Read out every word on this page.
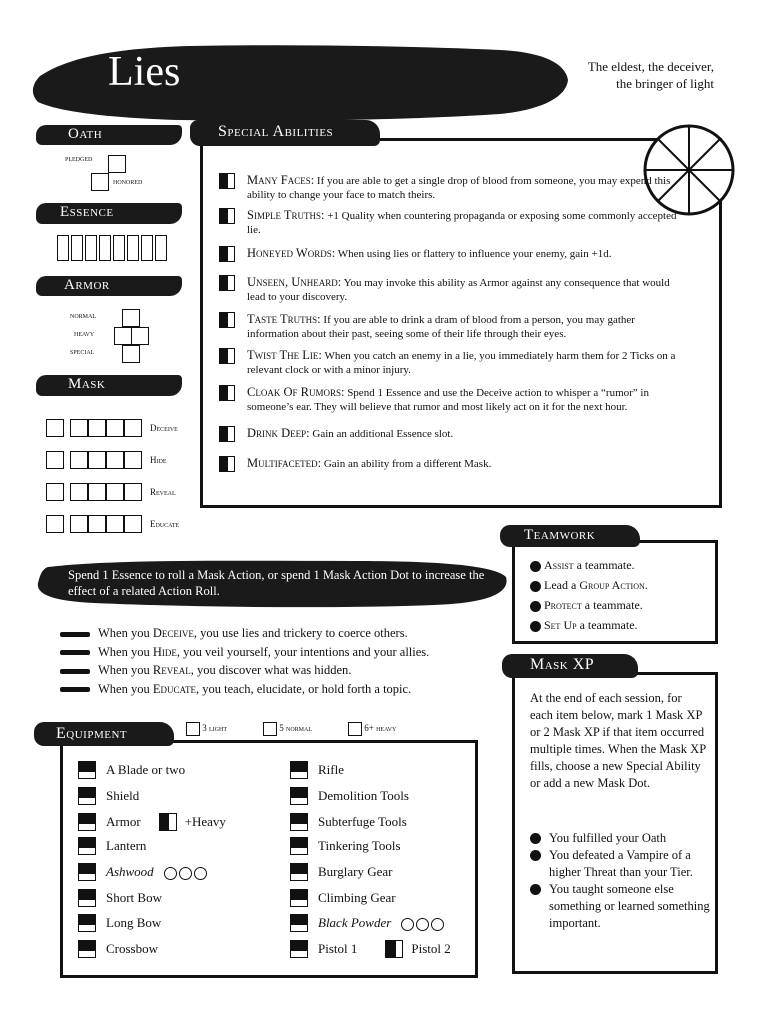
Lies	The eldest, the deceiver,
the bringer of light
Oath
pledged
honored
Essence
Armor
normal
heavy
special
Mask
Deceive
Hide
Reveal
Educate
Special Abilities
Many Faces: If you are able to get a single drop of blood from someone, you may expend this ability to change your face to match theirs.
Simple Truths: +1 Quality when countering propaganda or exposing some commonly accepted lie.
Honeyed Words: When using lies or flattery to influence your enemy, gain +1d.
Unseen, Unheard: You may invoke this ability as Armor against any consequence that would lead to your discovery.
Taste Truths: If you are able to drink a dram of blood from a person, you may gather information about their past, seeing some of their life through their eyes.
Twist The Lie: When you catch an enemy in a lie, you immediately harm them for 2 Ticks on a relevant clock or with a minor injury.
Cloak Of Rumors: Spend 1 Essence and use the Deceive action to whisper a “rumor” in someone’s ear. They will believe that rumor and most likely act on it for the next hour.
Drink Deep: Gain an additional Essence slot.
Multifaceted: Gain an ability from a different Mask.
Spend 1 Essence to roll a Mask Action, or spend 1 Mask Action Dot to increase the effect of a related Action Roll.
When you Deceive, you use lies and trickery to coerce others.
When you Hide, you veil yourself, your intentions and your allies.
When you Reveal, you discover what was hidden.
When you Educate, you teach, elucidate, or hold forth a topic.
Teamwork
Assist a teammate.
Lead a Group Action.
Protect a teammate.
Set Up a teammate.
Mask XP
At the end of each session, for each item below, mark 1 Mask XP or 2 Mask XP if that item occurred multiple times. When the Mask XP fills, choose a new Special Ability or add a new Mask Dot.
You fulfilled your Oath
You defeated a Vampire of a higher Threat than your Tier.
You taught someone else something or learned something important.
Equipment	3 light	5 normal	6+ heavy
A Blade or two
Shield
Armor	+Heavy
Lantern
Ashwood
Short Bow
Long Bow
Crossbow
Rifle
Demolition Tools
Subterfuge Tools
Tinkering Tools
Burglary Gear
Climbing Gear
Black Powder
Pistol 1	Pistol 2
